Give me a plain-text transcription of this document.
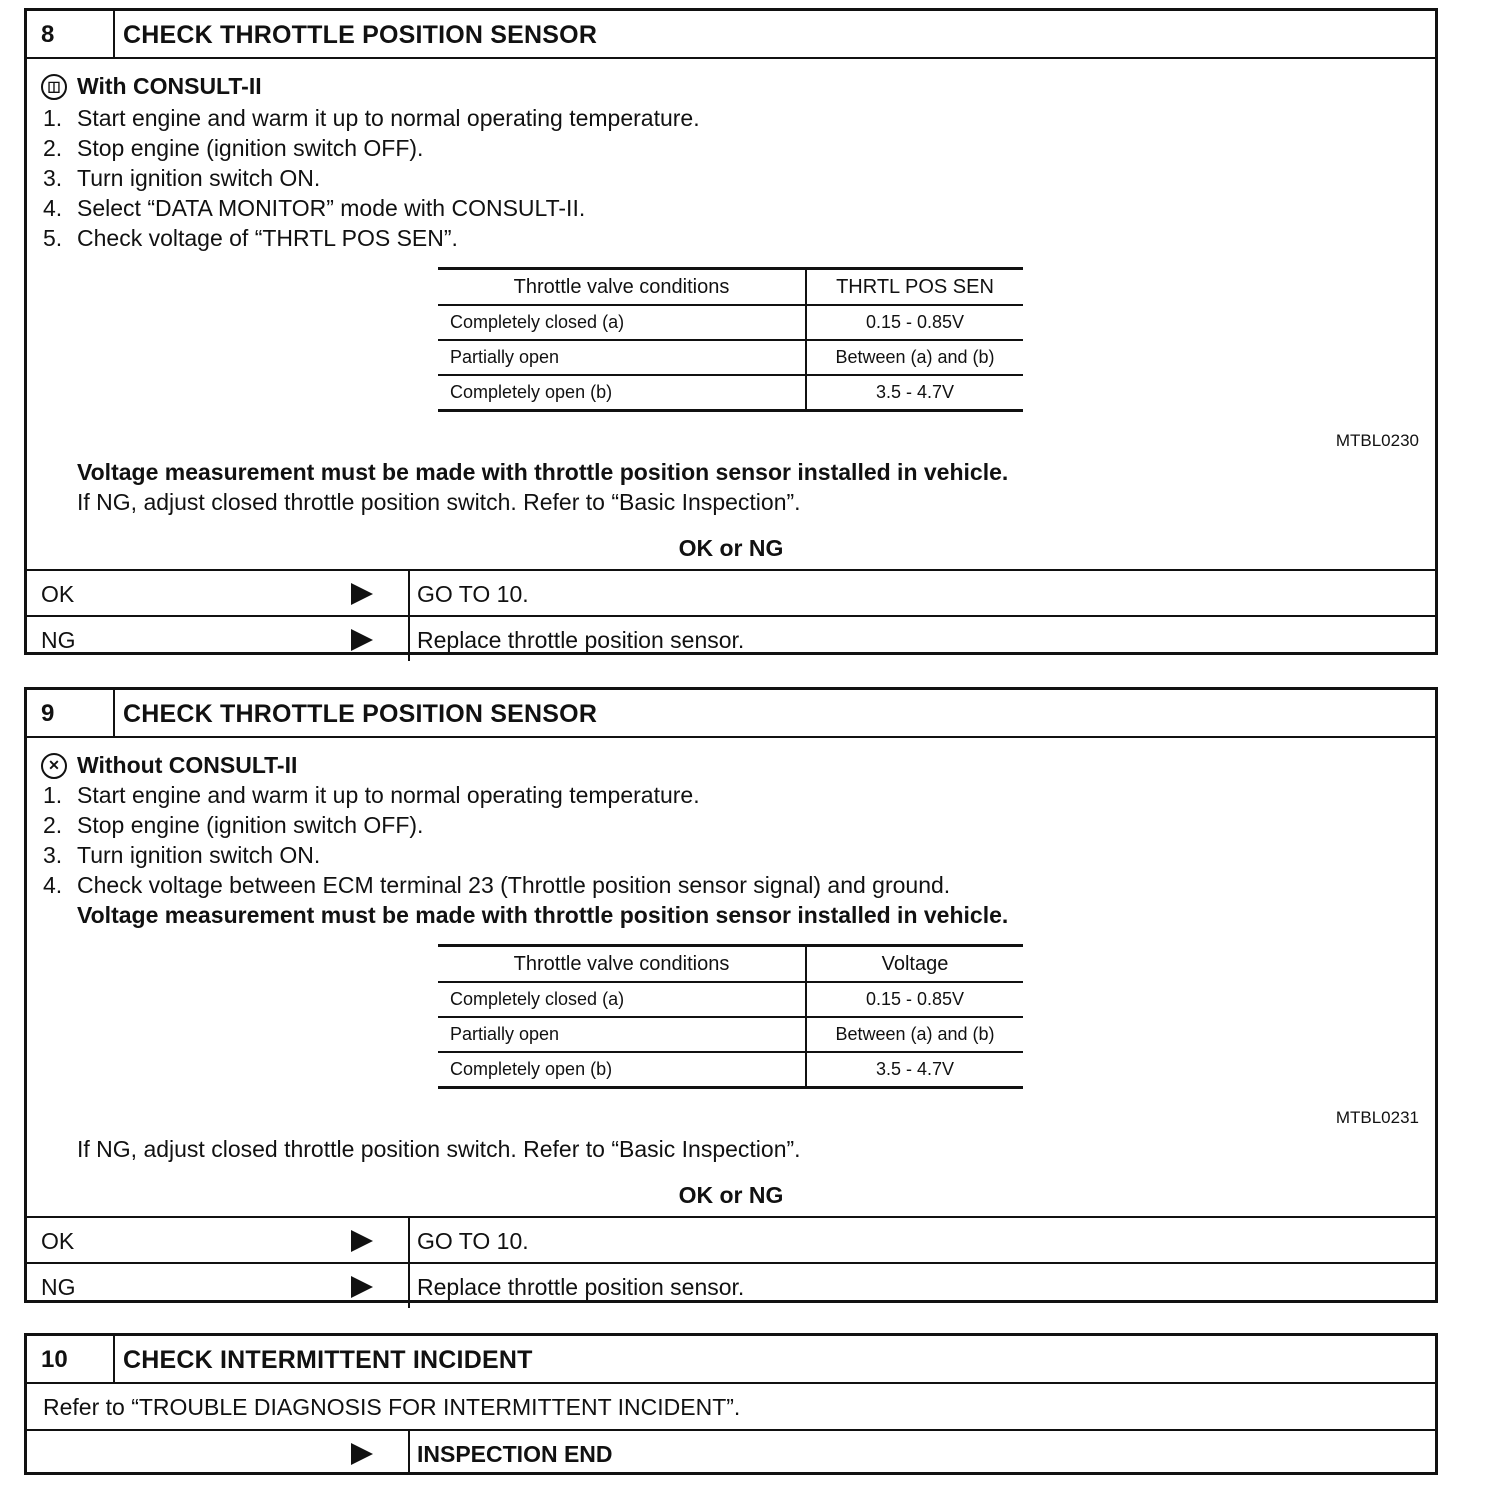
8	CHECK THROTTLE POSITION SENSOR
◫ With CONSULT-II
1. Start engine and warm it up to normal operating temperature.
2. Stop engine (ignition switch OFF).
3. Turn ignition switch ON.
4. Select “DATA MONITOR” mode with CONSULT-II.
5. Check voltage of “THRTL POS SEN”.
Throttle valve conditions	THRTL POS SEN
Completely closed (a)	0.15 - 0.85V
Partially open	Between (a) and (b)
Completely open (b)	3.5 - 4.7V
MTBL0230
Voltage measurement must be made with throttle position sensor installed in vehicle.
If NG, adjust closed throttle position switch. Refer to “Basic Inspection”.
OK or NG
OK	GO TO 10.
NG	Replace throttle position sensor.
9	CHECK THROTTLE POSITION SENSOR
✕ Without CONSULT-II
1. Start engine and warm it up to normal operating temperature.
2. Stop engine (ignition switch OFF).
3. Turn ignition switch ON.
4. Check voltage between ECM terminal 23 (Throttle position sensor signal) and ground.
Voltage measurement must be made with throttle position sensor installed in vehicle.
Throttle valve conditions	Voltage
Completely closed (a)	0.15 - 0.85V
Partially open	Between (a) and (b)
Completely open (b)	3.5 - 4.7V
MTBL0231
If NG, adjust closed throttle position switch. Refer to “Basic Inspection”.
OK or NG
OK	GO TO 10.
NG	Replace throttle position sensor.
10	CHECK INTERMITTENT INCIDENT
Refer to “TROUBLE DIAGNOSIS FOR INTERMITTENT INCIDENT”.
INSPECTION END
